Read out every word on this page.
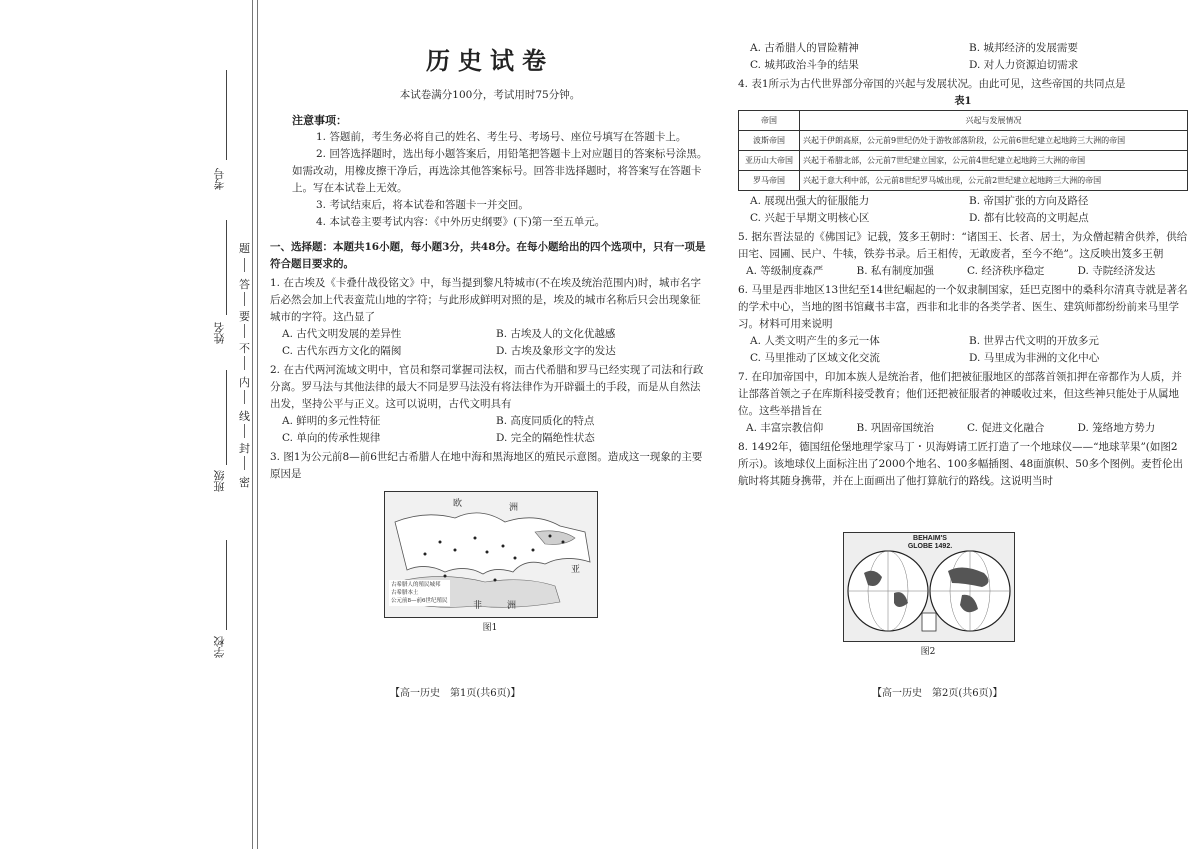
考号
姓名
班级
学校
题
答
要
不
内
线
封
密
历史试卷
本试卷满分100分，考试用时75分钟。
注意事项：

1. 答题前，考生务必将自己的姓名、考生号、考场号、座位号填写在答题卡上。

2. 回答选择题时，选出每小题答案后，用铅笔把答题卡上对应题目的答案标号涂黑。如需改动，用橡皮擦干净后，再选涂其他答案标号。回答非选择题时，将答案写在答题卡上。写在本试卷上无效。

3. 考试结束后，将本试卷和答题卡一并交回。

4. 本试卷主要考试内容：《中外历史纲要》(下)第一至五单元。

一、选择题：本题共16小题，每小题3分，共48分。在每小题给出的四个选项中，只有一项是符合题目要求的。
1. 在古埃及《卡叠什战役铭文》中，每当提到黎凡特城市(不在埃及统治范围内)时，城市名字后必然会加上代表蛮荒山地的字符；与此形成鲜明对照的是，埃及的城市名称后只会出现象征城市的字符。这凸显了
A. 古代文明发展的差异性	B. 古埃及人的文化优越感
C. 古代东西方文化的隔阂	D. 古埃及象形文字的发达
2. 在古代两河流域文明中，官员和祭司掌握司法权，而古代希腊和罗马已经实现了司法和行政分离。罗马法与其他法律的最大不同是罗马法没有将法律作为开辟疆土的手段，而是从自然法出发，坚持公平与正义。这可以说明，古代文明具有
A. 鲜明的多元性特征	B. 高度同质化的特点
C. 单向的传承性规律	D. 完全的隔绝性状态
3. 图1为公元前8—前6世纪古希腊人在地中海和黑海地区的殖民示意图。造成这一现象的主要原因是
欧	洲
非	洲
亚
古希腊人的殖民城邦
古希腊本土
公元前8—前6世纪殖民
图1
【高一历史　第1页(共6页)】
A. 古希腊人的冒险精神	B. 城邦经济的发展需要
C. 城邦政治斗争的结果	D. 对人力资源迫切需求
4. 表1所示为古代世界部分帝国的兴起与发展状况。由此可见，这些帝国的共同点是
表1
帝国	兴起与发展情况
波斯帝国	兴起于伊朗高原，公元前9世纪仍处于游牧部落阶段，公元前6世纪建立起地跨三大洲的帝国
亚历山大帝国	兴起于希腊北部，公元前7世纪建立国家，公元前4世纪建立起地跨三大洲的帝国
罗马帝国	兴起于意大利中部，公元前8世纪罗马城出现，公元前2世纪建立起地跨三大洲的帝国
A. 展现出强大的征服能力	B. 帝国扩张的方向及路径
C. 兴起于早期文明核心区	D. 都有比较高的文明起点
5. 据东晋法显的《佛国记》记载，笈多王朝时：“诸国王、长者、居士，为众僧起精舍供养，供给田宅、园圃、民户、牛犊，铁券书录。后王相传，无敢废者，至今不绝”。这反映出笈多王朝
A. 等级制度森严	B. 私有制度加强	C. 经济秩序稳定	D. 寺院经济发达
6. 马里是西非地区13世纪至14世纪崛起的一个奴隶制国家，廷巴克图中的桑科尔清真寺就是著名的学术中心，当地的图书馆藏书丰富，西非和北非的各类学者、医生、建筑师都纷纷前来马里学习。材料可用来说明
A. 人类文明产生的多元一体	B. 世界古代文明的开放多元
C. 马里推动了区域文化交流	D. 马里成为非洲的文化中心
7. 在印加帝国中，印加本族人是统治者，他们把被征服地区的部落首领扣押在帝都作为人质，并让部落首领之子在库斯科接受教育；他们还把被征服者的神暖收过来，但这些神只能处于从属地位。这些举措旨在
A. 丰富宗教信仰	B. 巩固帝国统治	C. 促进文化融合	D. 笼络地方势力
8. 1492年，德国纽伦堡地理学家马丁・贝海姆请工匠打造了一个地球仪——“地球苹果”(如图2所示)。该地球仪上面标注出了2000个地名、100多幅插图、48面旗帜、50多个图例。麦哲伦出航时将其随身携带，并在上面画出了他打算航行的路线。这说明当时
BEHAIM'S GLOBE 1492.
图2
【高一历史　第2页(共6页)】
